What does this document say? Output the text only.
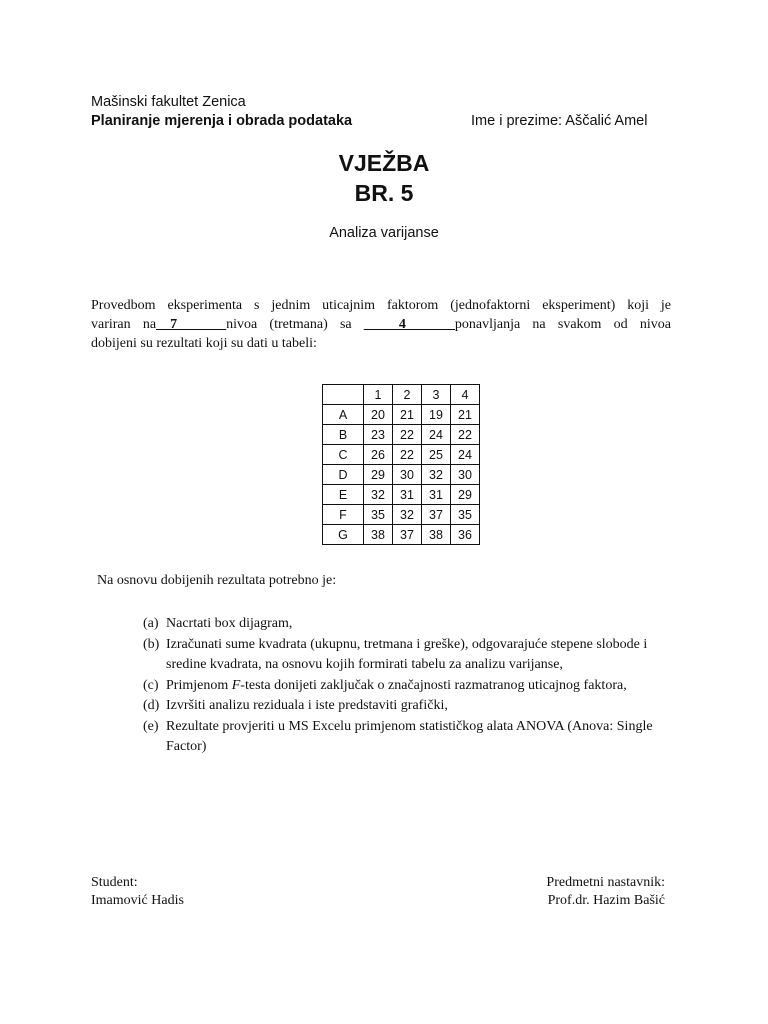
Mašinski fakultet Zenica
Planiranje mjerenja i obrada podataka	Ime i prezime: Aščalić Amel
VJEŽBA
BR. 5
Analiza varijanse
Provedbom eksperimenta s jednim uticajnim faktorom (jednofaktorni eksperiment) koji je
variran na__7_______nivoa (tretmana) sa _____4_______ponavljanja na svakom od nivoa
dobijeni su rezultati koji su dati u tabeli:
	1	2	3	4
A	20	21	19	21
B	23	22	24	22
C	26	22	25	24
D	29	30	32	30
E	32	31	31	29
F	35	32	37	35
G	38	37	38	36
Na osnovu dobijenih rezultata potrebno je:
(a) Nacrtati box dijagram,
(b) Izračunati sume kvadrata (ukupnu, tretmana i greške), odgovarajuće stepene slobode i sredine kvadrata, na osnovu kojih formirati tabelu za analizu varijanse,
(c) Primjenom F-testa donijeti zaključak o značajnosti razmatranog uticajnog faktora,
(d) Izvršiti analizu reziduala i iste predstaviti grafički,
(e) Rezultate provjeriti u MS Excelu primjenom statističkog alata ANOVA (Anova: Single Factor)
Student:
Imamović Hadis
Predmetni nastavnik:
Prof.dr. Hazim Bašić
